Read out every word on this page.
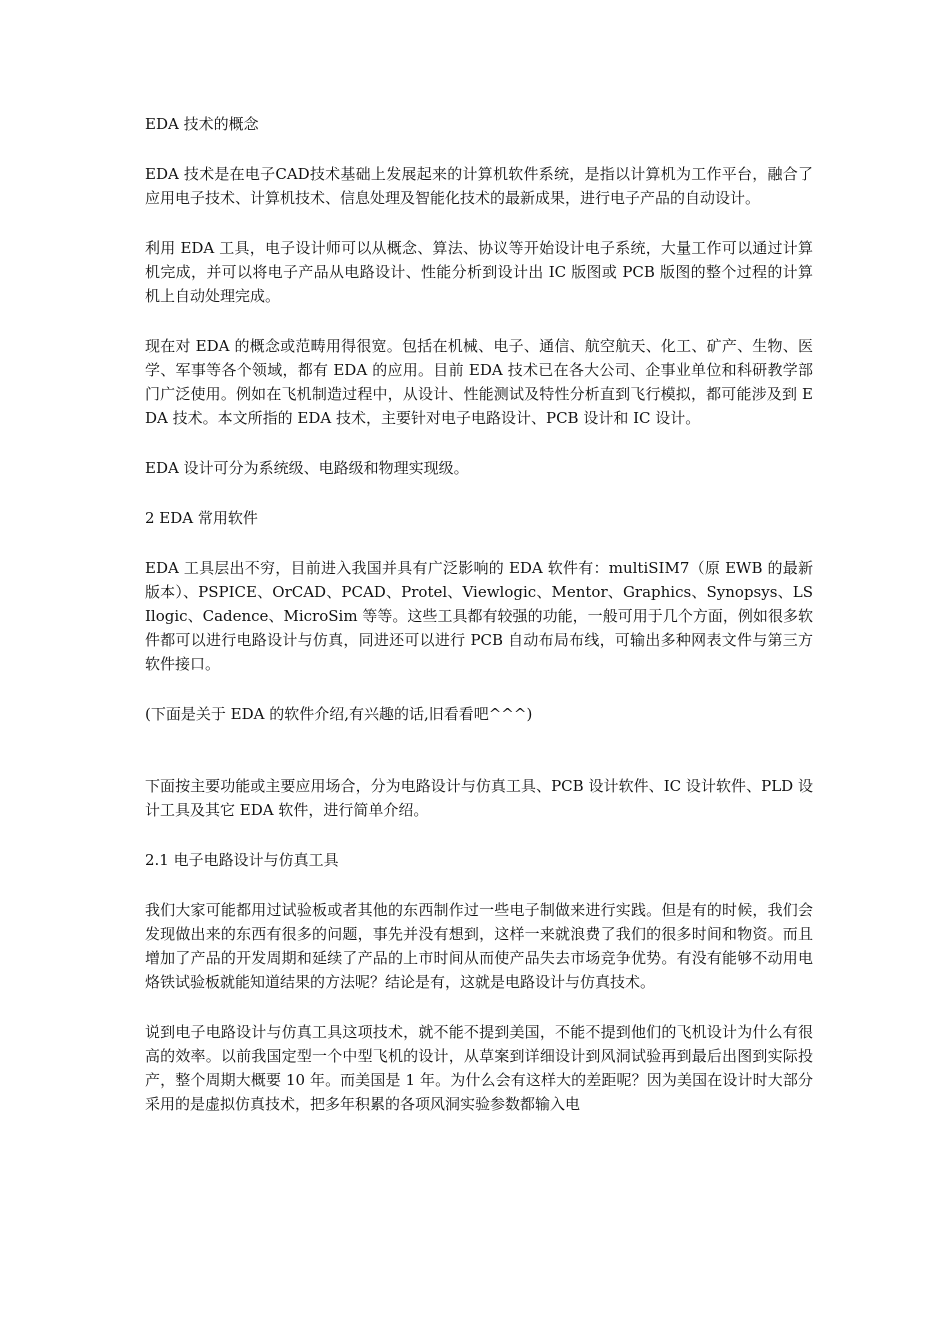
EDA 技术的概念

EDA 技术是在电子CAD技术基础上发展起来的计算机软件系统，是指以计算机为工作平台，融合了应用电子技术、计算机技术、信息处理及智能化技术的最新成果，进行电子产品的自动设计。

利用 EDA 工具，电子设计师可以从概念、算法、协议等开始设计电子系统，大量工作可以通过计算机完成，并可以将电子产品从电路设计、性能分析到设计出 IC 版图或 PCB 版图的整个过程的计算机上自动处理完成。

现在对 EDA 的概念或范畴用得很宽。包括在机械、电子、通信、航空航天、化工、矿产、生物、医学、军事等各个领域，都有 EDA 的应用。目前 EDA 技术已在各大公司、企事业单位和科研教学部门广泛使用。例如在飞机制造过程中，从设计、性能测试及特性分析直到飞行模拟，都可能涉及到 EDA 技术。本文所指的 EDA 技术，主要针对电子电路设计、PCB 设计和 IC 设计。

EDA 设计可分为系统级、电路级和物理实现级。

2 EDA 常用软件

EDA 工具层出不穷，目前进入我国并具有广泛影响的 EDA 软件有：multiSIM7（原 EWB 的最新版本）、PSPICE、OrCAD、PCAD、Protel、Viewlogic、Mentor、Graphics、Synopsys、LSIlogic、Cadence、MicroSim 等等。这些工具都有较强的功能，一般可用于几个方面，例如很多软件都可以进行电路设计与仿真，同进还可以进行 PCB 自动布局布线，可输出多种网表文件与第三方软件接口。

(下面是关于 EDA 的软件介绍,有兴趣的话,旧看看吧^^^)

下面按主要功能或主要应用场合，分为电路设计与仿真工具、PCB 设计软件、IC 设计软件、PLD 设计工具及其它 EDA 软件，进行简单介绍。

2.1 电子电路设计与仿真工具

我们大家可能都用过试验板或者其他的东西制作过一些电子制做来进行实践。但是有的时候，我们会发现做出来的东西有很多的问题，事先并没有想到，这样一来就浪费了我们的很多时间和物资。而且增加了产品的开发周期和延续了产品的上市时间从而使产品失去市场竞争优势。有没有能够不动用电烙铁试验板就能知道结果的方法呢？结论是有，这就是电路设计与仿真技术。

说到电子电路设计与仿真工具这项技术，就不能不提到美国，不能不提到他们的飞机设计为什么有很高的效率。以前我国定型一个中型飞机的设计，从草案到详细设计到风洞试验再到最后出图到实际投产，整个周期大概要 10 年。而美国是 1 年。为什么会有这样大的差距呢？因为美国在设计时大部分采用的是虚拟仿真技术，把多年积累的各项风洞实验参数都输入电
